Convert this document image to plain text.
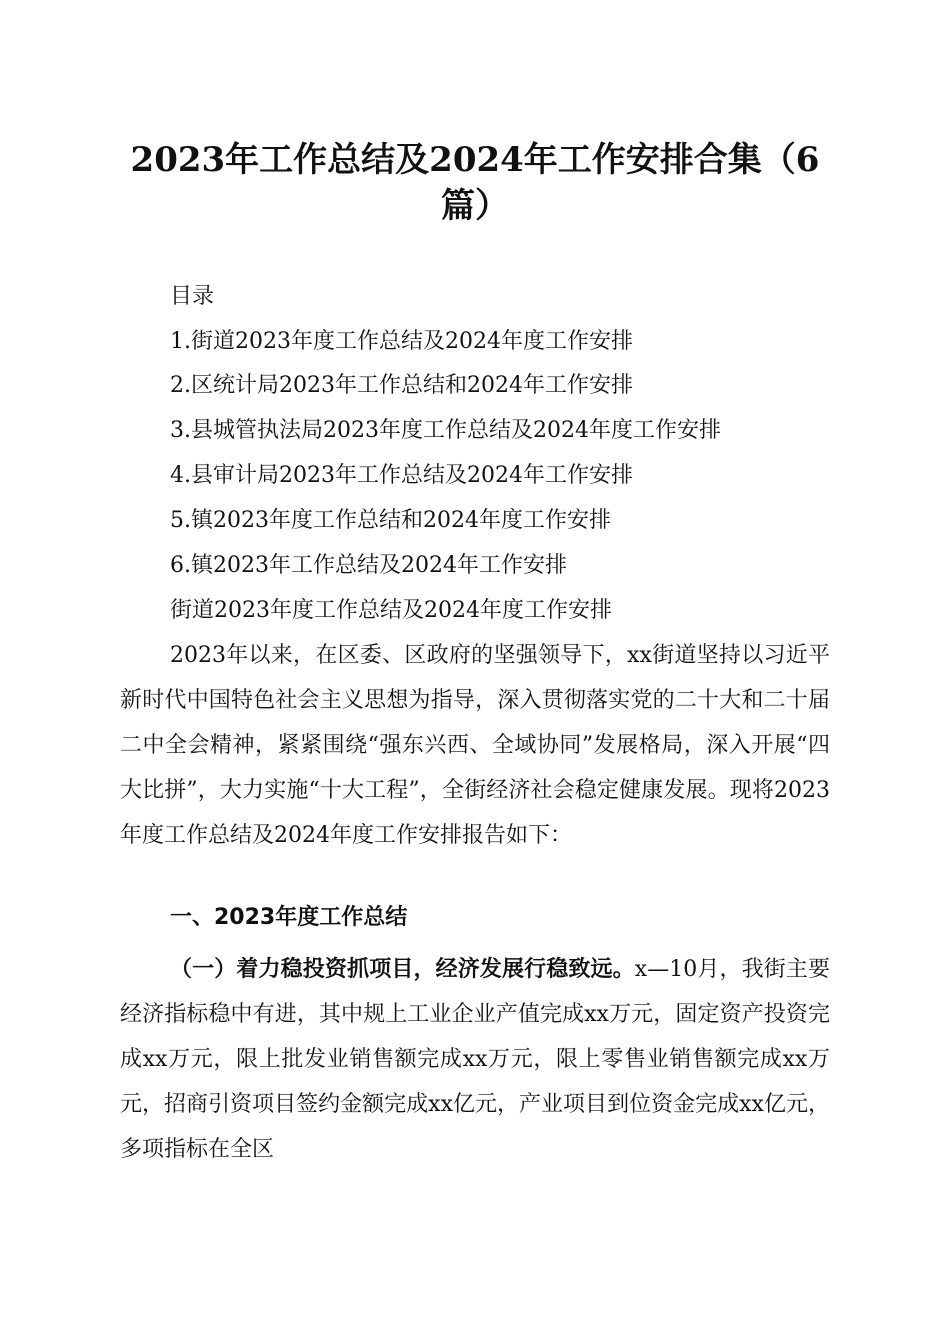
2023年工作总结及2024年工作安排合集（6
篇）

目录

1.街道2023年度工作总结及2024年度工作安排

2.区统计局2023年工作总结和2024年工作安排

3.县城管执法局2023年度工作总结及2024年度工作安排

4.县审计局2023年工作总结及2024年工作安排

5.镇2023年度工作总结和2024年度工作安排

6.镇2023年工作总结及2024年工作安排

街道2023年度工作总结及2024年度工作安排

2023年以来，在区委、区政府的坚强领导下，xx街道坚持以习近平新时代中国特色社会主义思想为指导，深入贯彻落实党的二十大和二十届二中全会精神，紧紧围绕“强东兴西、全域协同”发展格局，深入开展“四大比拼”，大力实施“十大工程”，全街经济社会稳定健康发展。现将2023年度工作总结及2024年度工作安排报告如下：

一、2023年度工作总结

（一）着力稳投资抓项目，经济发展行稳致远。x—10月，我街主要经济指标稳中有进，其中规上工业企业产值完成xx万元，固定资产投资完成xx万元，限上批发业销售额完成xx万元，限上零售业销售额完成xx万元，招商引资项目签约金额完成xx亿元，产业项目到位资金完成xx亿元，多项指标在全区
